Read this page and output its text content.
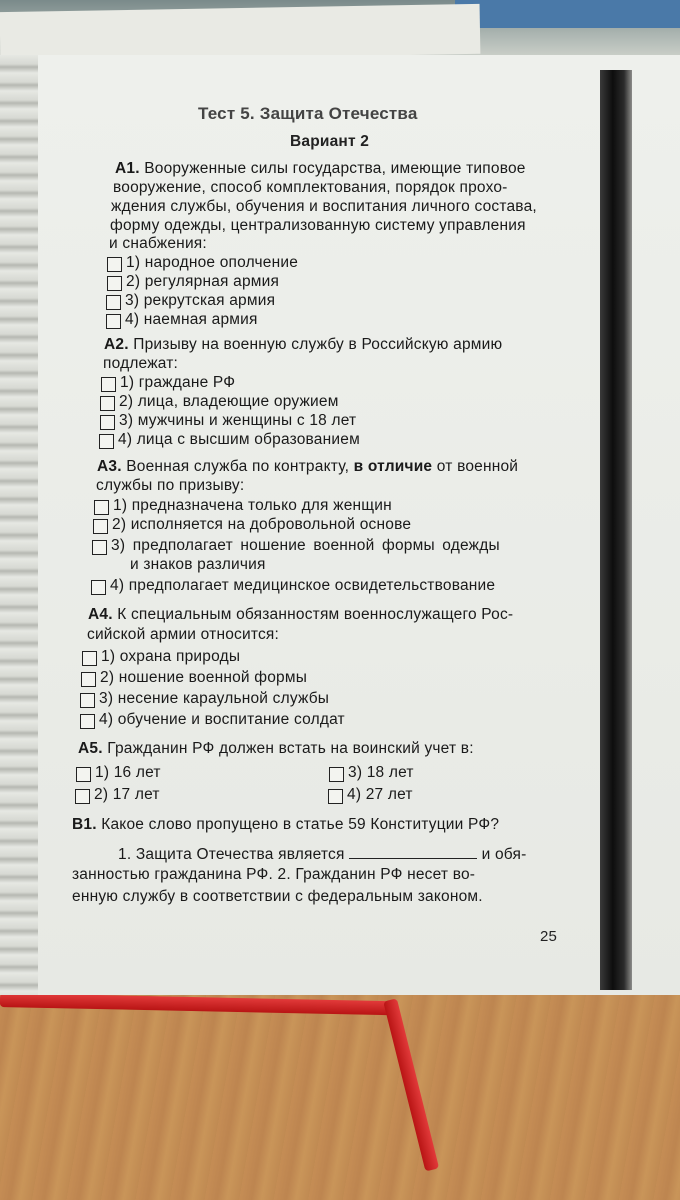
Тест 5. Защита Отечества
Вариант 2
А1. Вооруженные силы государства, имеющие типовое
вооружение, способ комплектования, порядок прохо-
ждения службы, обучения и воспитания личного состава,
форму одежды, централизованную систему управления
и снабжения:
1) народное ополчение
2) регулярная армия
3) рекрутская армия
4) наемная армия
А2. Призыву на военную службу в Российскую армию
подлежат:
1) граждане РФ
2) лица, владеющие оружием
3) мужчины и женщины с 18 лет
4) лица с высшим образованием
А3. Военная служба по контракту, в отличие от военной
службы по призыву:
1) предназначена только для женщин
2) исполняется на добровольной основе
3) предполагает ношение военной формы одежды
и знаков различия
4) предполагает медицинское освидетельствование
А4. К специальным обязанностям военнослужащего Рос-
сийской армии относится:
1) охрана природы
2) ношение военной формы
3) несение караульной службы
4) обучение и воспитание солдат
А5. Гражданин РФ должен встать на воинский учет в:
1) 16 лет	3) 18 лет
2) 17 лет	4) 27 лет
В1. Какое слово пропущено в статье 59 Конституции РФ?
1. Защита Отечества является	и обя-
занностью гражданина РФ. 2. Гражданин РФ несет во-
енную службу в соответствии с федеральным законом.
25
